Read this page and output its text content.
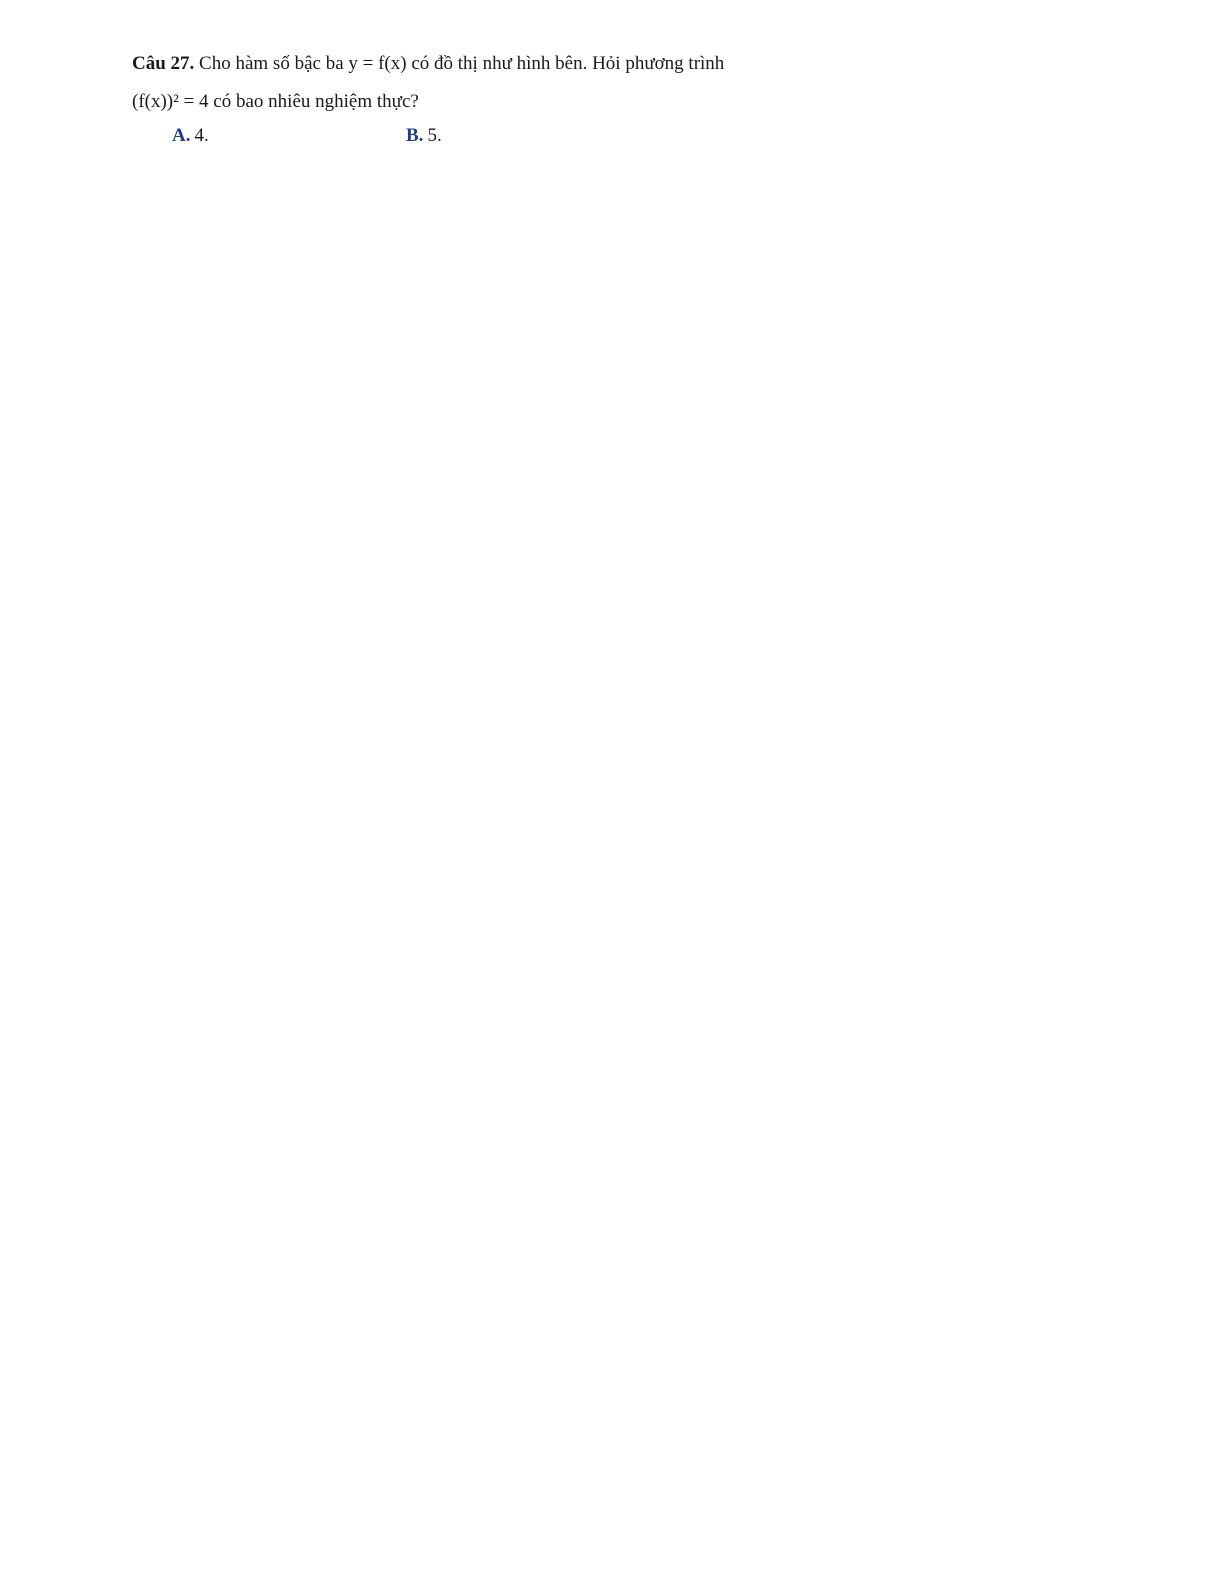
Câu 27. Cho hàm số bậc ba y = f(x) có đồ thị như hình bên. Hỏi phương trình
(f(x))² = 4 có bao nhiêu nghiệm thực?
A. 4.	B. 5.
